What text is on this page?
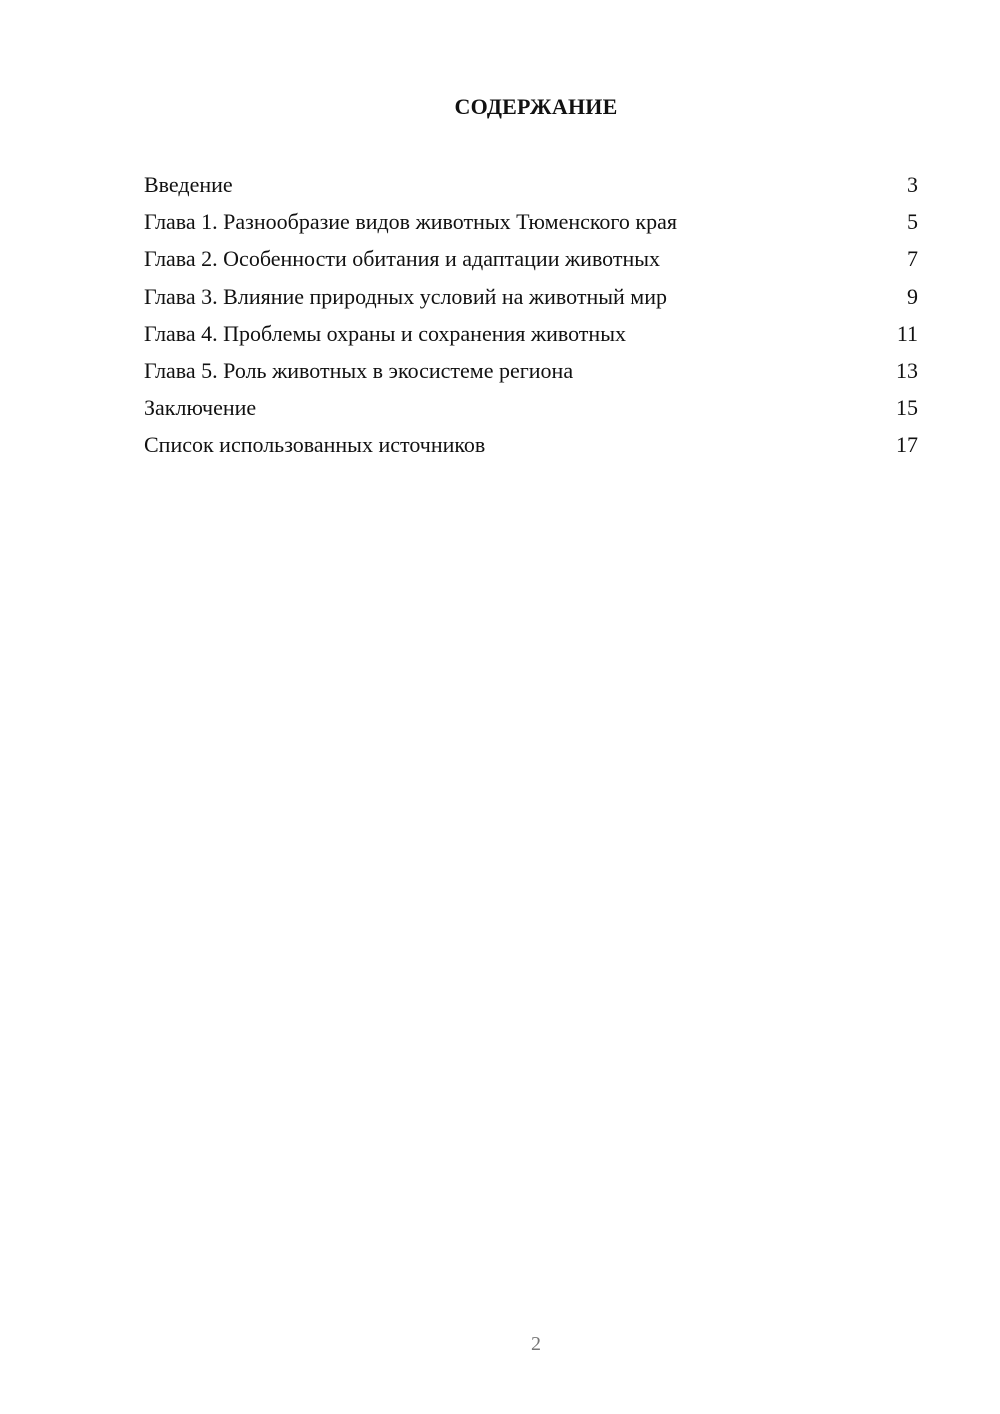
СОДЕРЖАНИЕ
Введение	3
Глава 1. Разнообразие видов животных Тюменского края	5
Глава 2. Особенности обитания и адаптации животных	7
Глава 3. Влияние природных условий на животный мир	9
Глава 4. Проблемы охраны и сохранения животных	11
Глава 5. Роль животных в экосистеме региона	13
Заключение	15
Список использованных источников	17
2
